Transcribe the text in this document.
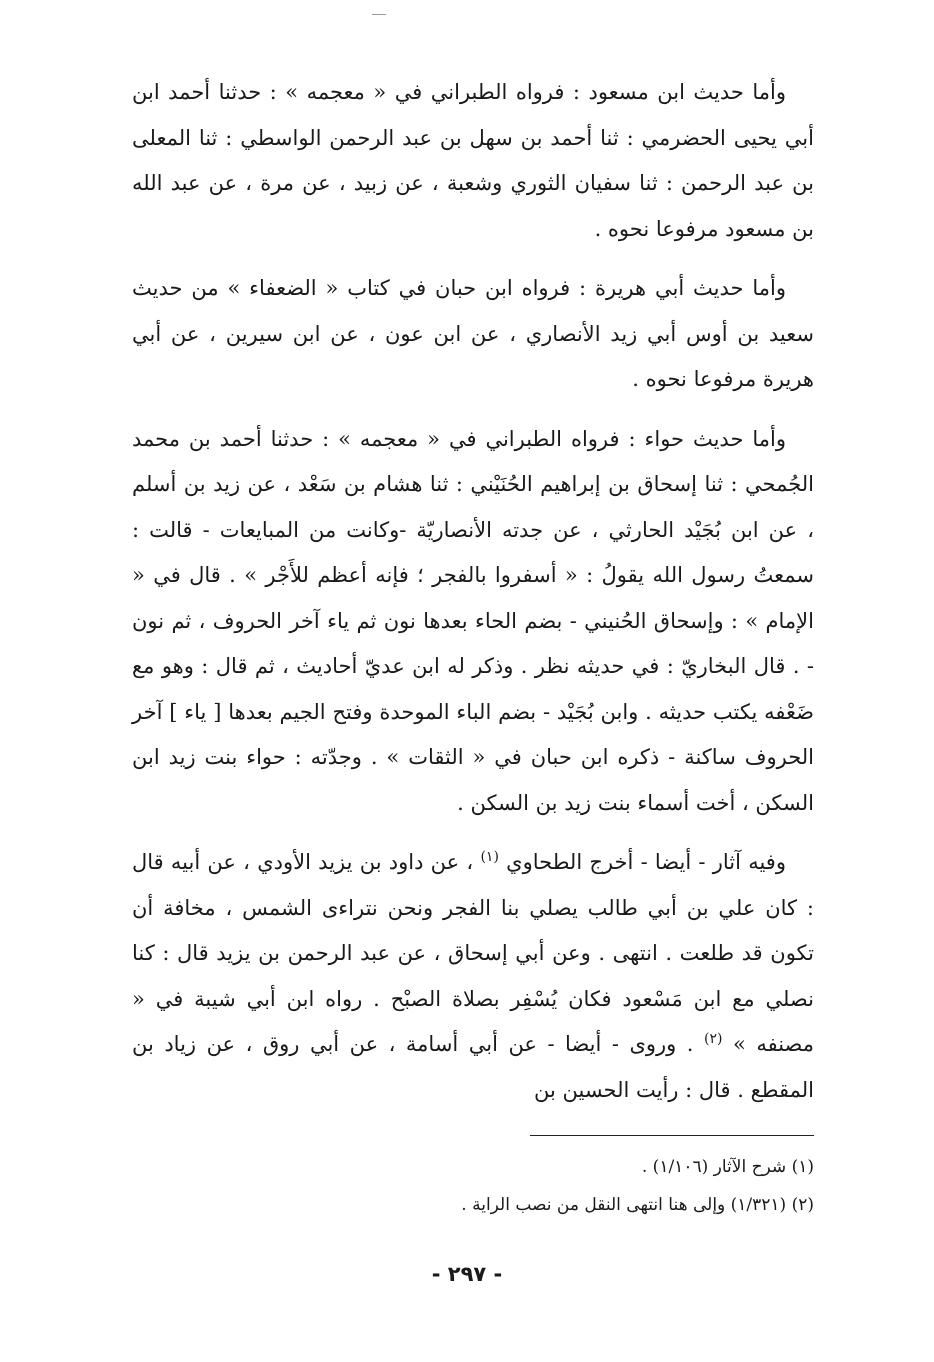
وأما حديث ابن مسعود : فرواه الطبراني في « معجمه » : حدثنا أحمد ابن أبي يحيى الحضرمي : ثنا أحمد بن سهل بن عبد الرحمن الواسطي : ثنا المعلى بن عبد الرحمن : ثنا سفيان الثوري وشعبة ، عن زبيد ، عن مرة ، عن عبد الله بن مسعود مرفوعا نحوه .

وأما حديث أبي هريرة : فرواه ابن حبان في كتاب « الضعفاء » من حديث سعيد بن أوس أبي زيد الأنصاري ، عن ابن عون ، عن ابن سيرين ، عن أبي هريرة مرفوعا نحوه .

وأما حديث حواء : فرواه الطبراني في « معجمه » : حدثنا أحمد بن محمد الجُمحي : ثنا إسحاق بن إبراهيم الحُنَيْني : ثنا هشام بن سَعْد ، عن زيد بن أسلم ، عن ابن بُجَيْد الحارثي ، عن جدته الأنصاريّة -وكانت من المبايعات - قالت : سمعتُ رسول الله يقولُ : « أسفروا بالفجر ؛ فإنه أعظم للأَجْر » . قال في « الإمام » : وإسحاق الحُنيني - بضم الحاء بعدها نون ثم ياء آخر الحروف ، ثم نون - . قال البخاريّ : في حديثه نظر . وذكر له ابن عديّ أحاديث ، ثم قال : وهو مع ضَعْفه يكتب حديثه . وابن بُجَيْد - بضم الباء الموحدة وفتح الجيم بعدها [ ياء ] آخر الحروف ساكنة - ذكره ابن حبان في « الثقات » . وجدّته : حواء بنت زيد ابن السكن ، أخت أسماء بنت زيد بن السكن .

وفيه آثار - أيضا - أخرج الطحاوي $^{(١)}$ ، عن داود بن يزيد الأودي ، عن أبيه قال : كان علي بن أبي طالب يصلي بنا الفجر ونحن نتراءى الشمس ، مخافة أن تكون قد طلعت . انتهى . وعن أبي إسحاق ، عن عبد الرحمن بن يزيد قال : كنا نصلي مع ابن مَسْعود فكان يُسْفِر بصلاة الصبْح . رواه ابن أبي شيبة في « مصنفه » $^{(٢)}$ . وروى - أيضا - عن أبي أسامة ، عن أبي روق ، عن زياد بن المقطع . قال : رأيت الحسين بن

(١) شرح الآثار (١/١٠٦) .

(٢) (١/٣٢١) وإلى هنا انتهى النقل من نصب الراية .

- ٢٩٧ -
